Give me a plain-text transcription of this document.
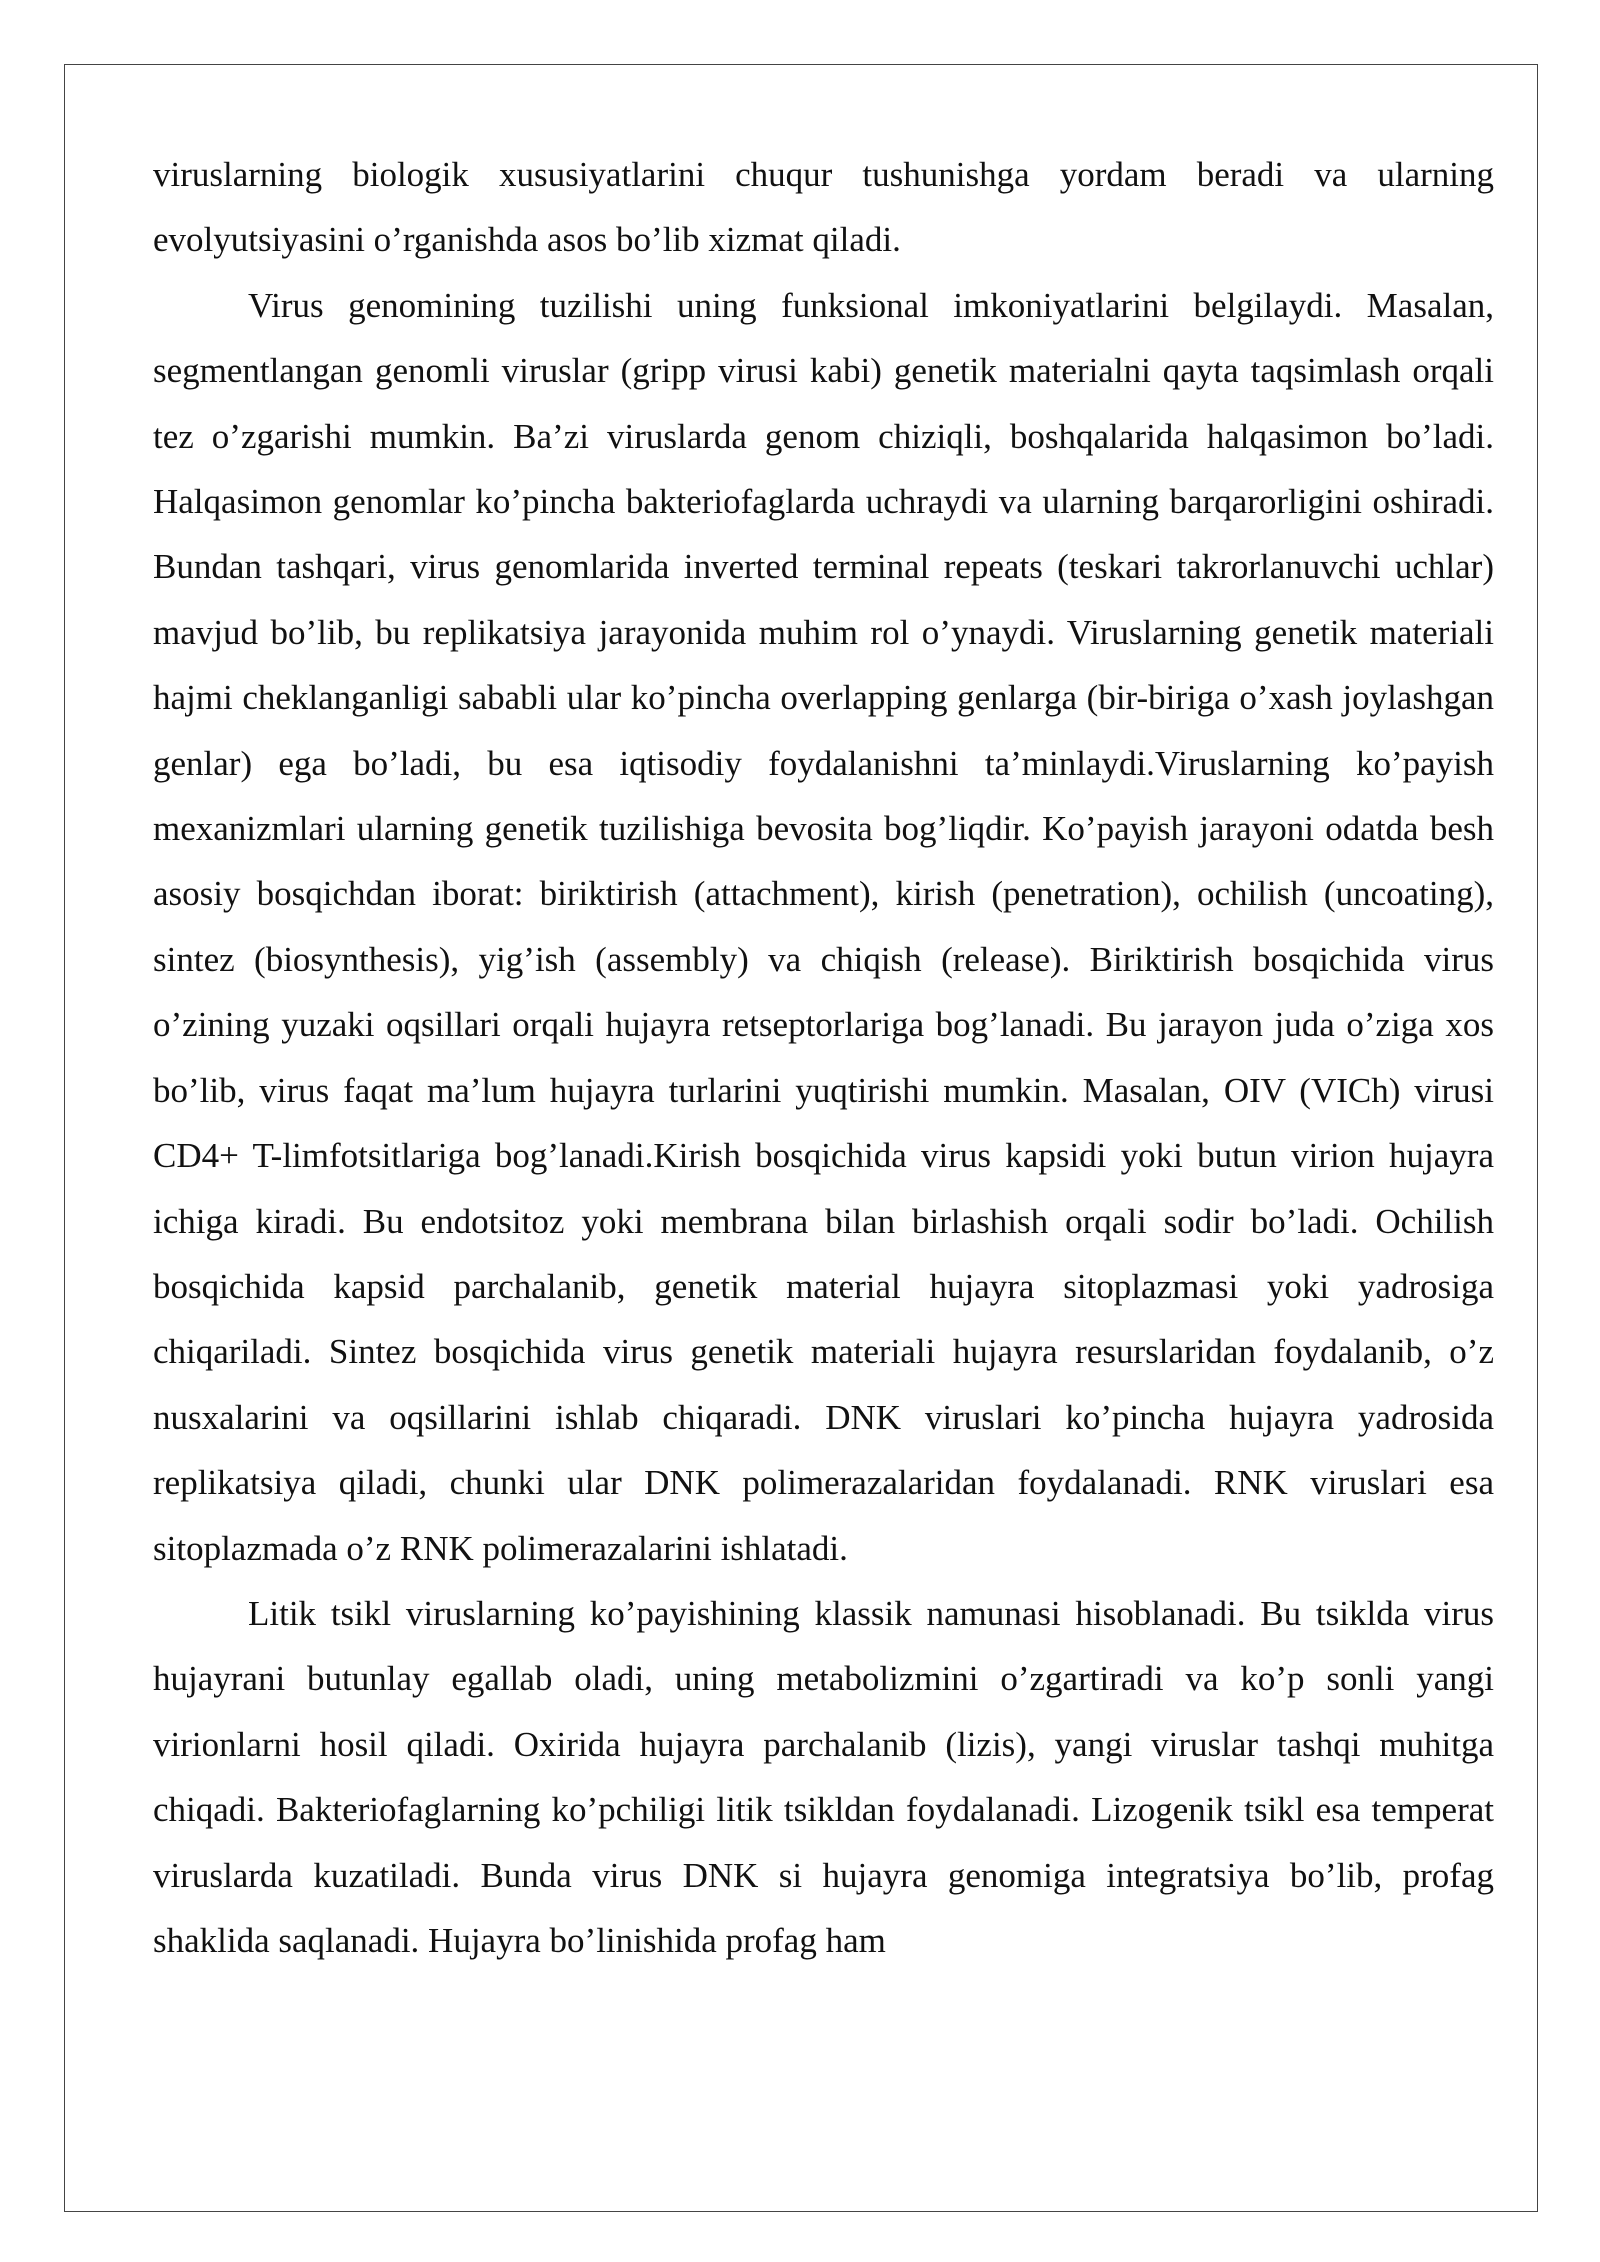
viruslarning biologik xususiyatlarini chuqur tushunishga yordam beradi va ularning evolyutsiyasini o’rganishda asos bo’lib xizmat qiladi.

Virus genomining tuzilishi uning funksional imkoniyatlarini belgilaydi. Masalan, segmentlangan genomli viruslar (gripp virusi kabi) genetik materialni qayta taqsimlash orqali tez o’zgarishi mumkin. Ba’zi viruslarda genom chiziqli, boshqalarida halqasimon bo’ladi. Halqasimon genomlar ko’pincha bakteriofaglarda uchraydi va ularning barqarorligini oshiradi. Bundan tashqari, virus genomlarida inverted terminal repeats (teskari takrorlanuvchi uchlar) mavjud bo’lib, bu replikatsiya jarayonida muhim rol o’ynaydi. Viruslarning genetik materiali hajmi cheklanganligi sababli ular ko’pincha overlapping genlarga (bir-biriga o’xash joylashgan genlar) ega bo’ladi, bu esa iqtisodiy foydalanishni ta’minlaydi.Viruslarning ko’payish mexanizmlari ularning genetik tuzilishiga bevosita bog’liqdir. Ko’payish jarayoni odatda besh asosiy bosqichdan iborat: biriktirish (attachment), kirish (penetration), ochilish (uncoating), sintez (biosynthesis), yig’ish (assembly) va chiqish (release). Biriktirish bosqichida virus o’zining yuzaki oqsillari orqali hujayra retseptorlariga bog’lanadi. Bu jarayon juda o’ziga xos bo’lib, virus faqat ma’lum hujayra turlarini yuqtirishi mumkin. Masalan, OIV (VICh) virusi CD4+ T-limfotsitlariga bog’lanadi.Kirish bosqichida virus kapsidi yoki butun virion hujayra ichiga kiradi. Bu endotsitoz yoki membrana bilan birlashish orqali sodir bo’ladi. Ochilish bosqichida kapsid parchalanib, genetik material hujayra sitoplazmasi yoki yadrosiga chiqariladi. Sintez bosqichida virus genetik materiali hujayra resurslaridan foydalanib, o’z nusxalarini va oqsillarini ishlab chiqaradi. DNK viruslari ko’pincha hujayra yadrosida replikatsiya qiladi, chunki ular DNK polimerazalaridan foydalanadi. RNK viruslari esa sitoplazmada o’z RNK polimerazalarini ishlatadi.

Litik tsikl viruslarning ko’payishining klassik namunasi hisoblanadi. Bu tsiklda virus hujayrani butunlay egallab oladi, uning metabolizmini o’zgartiradi va ko’p sonli yangi virionlarni hosil qiladi. Oxirida hujayra parchalanib (lizis), yangi viruslar tashqi muhitga chiqadi. Bakteriofaglarning ko’pchiligi litik tsikldan foydalanadi. Lizogenik tsikl esa temperat viruslarda kuzatiladi. Bunda virus DNK si hujayra genomiga integratsiya bo’lib, profag shaklida saqlanadi. Hujayra bo’linishida profag ham
